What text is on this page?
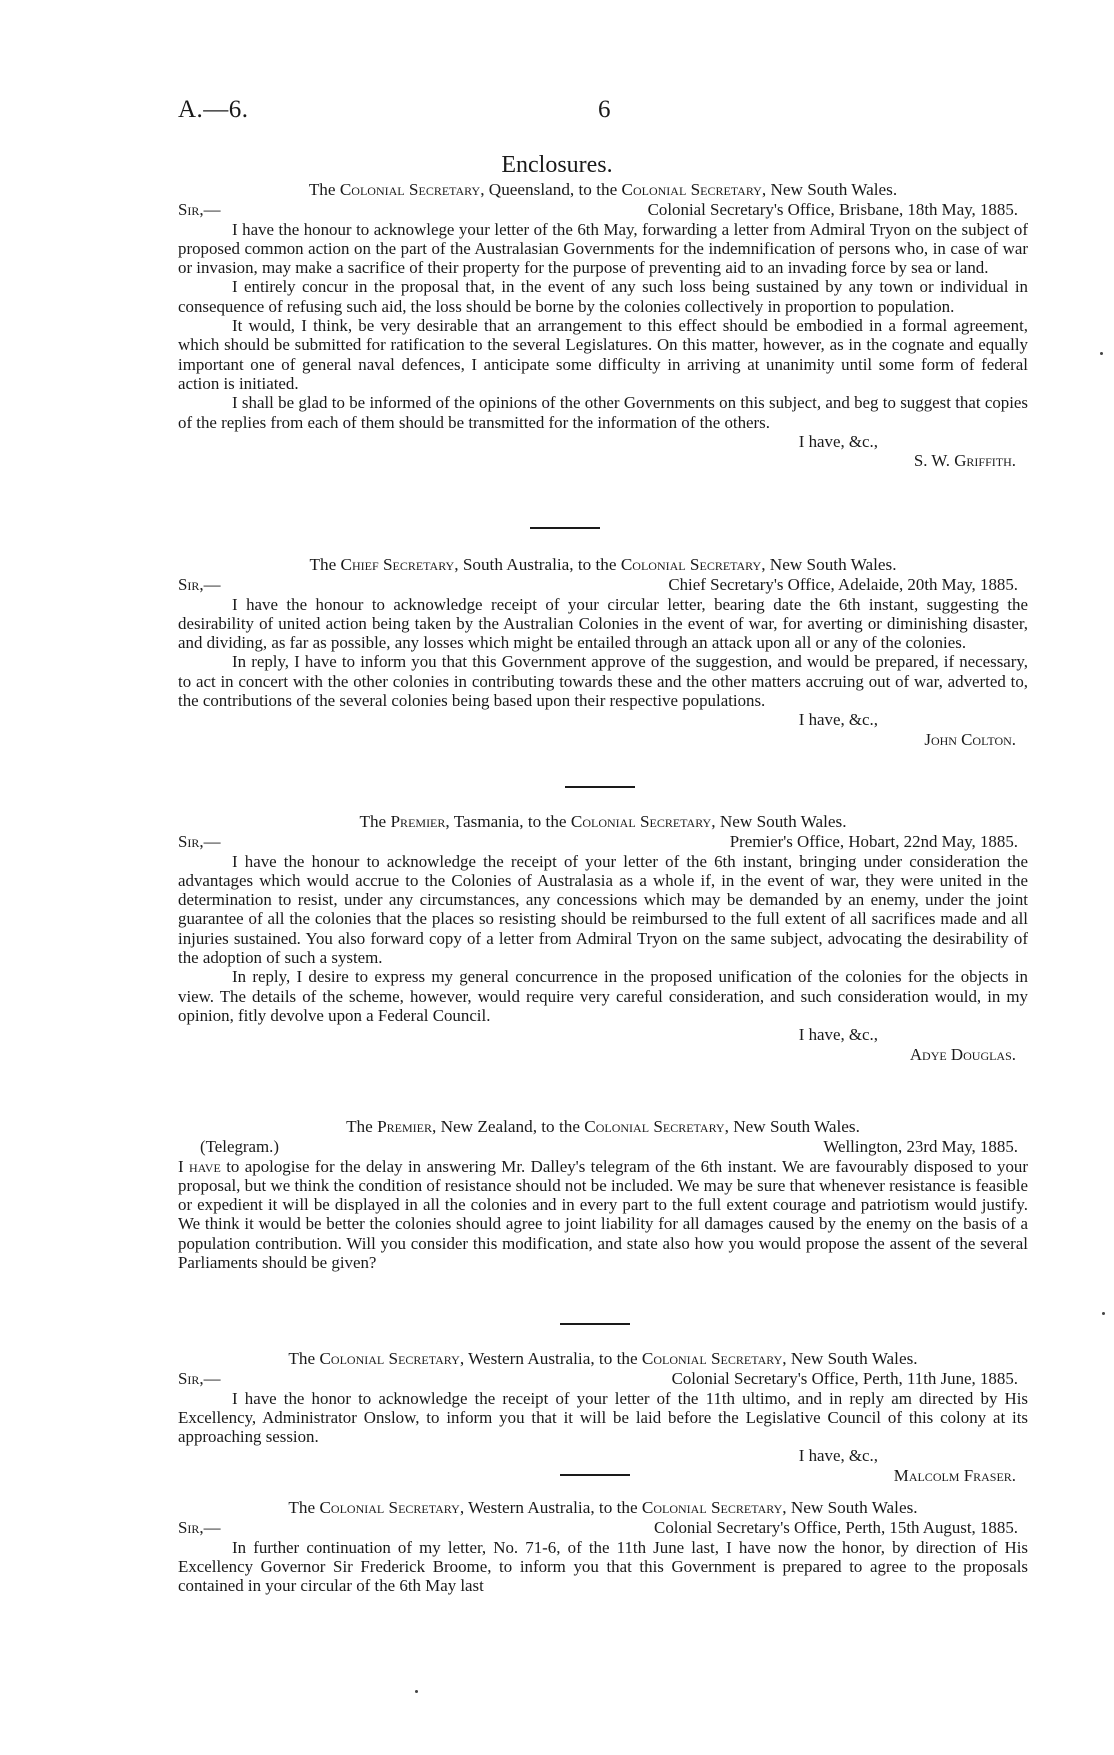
A.—6.	6
Enclosures.
The Colonial Secretary, Queensland, to the Colonial Secretary, New South Wales.
Sir,—	Colonial Secretary's Office, Brisbane, 18th May, 1885.

I have the honour to acknowlege your letter of the 6th May, forwarding a letter from Admiral Tryon on the subject of proposed common action on the part of the Australasian Governments for the indemnification of persons who, in case of war or invasion, may make a sacrifice of their property for the purpose of preventing aid to an invading force by sea or land.

I entirely concur in the proposal that, in the event of any such loss being sustained by any town or individual in consequence of refusing such aid, the loss should be borne by the colonies collectively in proportion to population.

It would, I think, be very desirable that an arrangement to this effect should be embodied in a formal agreement, which should be submitted for ratification to the several Legislatures. On this matter, however, as in the cognate and equally important one of general naval defences, I anticipate some difficulty in arriving at unanimity until some form of federal action is initiated.

I shall be glad to be informed of the opinions of the other Governments on this subject, and beg to suggest that copies of the replies from each of them should be transmitted for the information of the others.

I have, &c.,
S. W. Griffith.
The Chief Secretary, South Australia, to the Colonial Secretary, New South Wales.
Sir,—	Chief Secretary's Office, Adelaide, 20th May, 1885.

I have the honour to acknowledge receipt of your circular letter, bearing date the 6th instant, suggesting the desirability of united action being taken by the Australian Colonies in the event of war, for averting or diminishing disaster, and dividing, as far as possible, any losses which might be entailed through an attack upon all or any of the colonies.

In reply, I have to inform you that this Government approve of the suggestion, and would be prepared, if necessary, to act in concert with the other colonies in contributing towards these and the other matters accruing out of war, adverted to, the contributions of the several colonies being based upon their respective populations.

I have, &c.,
John Colton.
The Premier, Tasmania, to the Colonial Secretary, New South Wales.
Sir,—	Premier's Office, Hobart, 22nd May, 1885.

I have the honour to acknowledge the receipt of your letter of the 6th instant, bringing under consideration the advantages which would accrue to the Colonies of Australasia as a whole if, in the event of war, they were united in the determination to resist, under any circumstances, any concessions which may be demanded by an enemy, under the joint guarantee of all the colonies that the places so resisting should be reimbursed to the full extent of all sacrifices made and all injuries sustained. You also forward copy of a letter from Admiral Tryon on the same subject, advocating the desirability of the adoption of such a system.

In reply, I desire to express my general concurrence in the proposed unification of the colonies for the objects in view. The details of the scheme, however, would require very careful consideration, and such consideration would, in my opinion, fitly devolve upon a Federal Council.

I have, &c.,
Adye Douglas.
The Premier, New Zealand, to the Colonial Secretary, New South Wales.
(Telegram.)	Wellington, 23rd May, 1885.

I have to apologise for the delay in answering Mr. Dalley's telegram of the 6th instant. We are favourably disposed to your proposal, but we think the condition of resistance should not be included. We may be sure that whenever resistance is feasible or expedient it will be displayed in all the colonies and in every part to the full extent courage and patriotism would justify. We think it would be better the colonies should agree to joint liability for all damages caused by the enemy on the basis of a population contribution. Will you consider this modification, and state also how you would propose the assent of the several Parliaments should be given?

The Colonial Secretary, Western Australia, to the Colonial Secretary, New South Wales.
Sir,—	Colonial Secretary's Office, Perth, 11th June, 1885.

I have the honor to acknowledge the receipt of your letter of the 11th ultimo, and in reply am directed by His Excellency, Administrator Onslow, to inform you that it will be laid before the Legislative Council of this colony at its approaching session.

I have, &c.,
Malcolm Fraser.
The Colonial Secretary, Western Australia, to the Colonial Secretary, New South Wales.
Sir,—	Colonial Secretary's Office, Perth, 15th August, 1885.

In further continuation of my letter, No. 71-6, of the 11th June last, I have now the honor, by direction of His Excellency Governor Sir Frederick Broome, to inform you that this Government is prepared to agree to the proposals contained in your circular of the 6th May last
